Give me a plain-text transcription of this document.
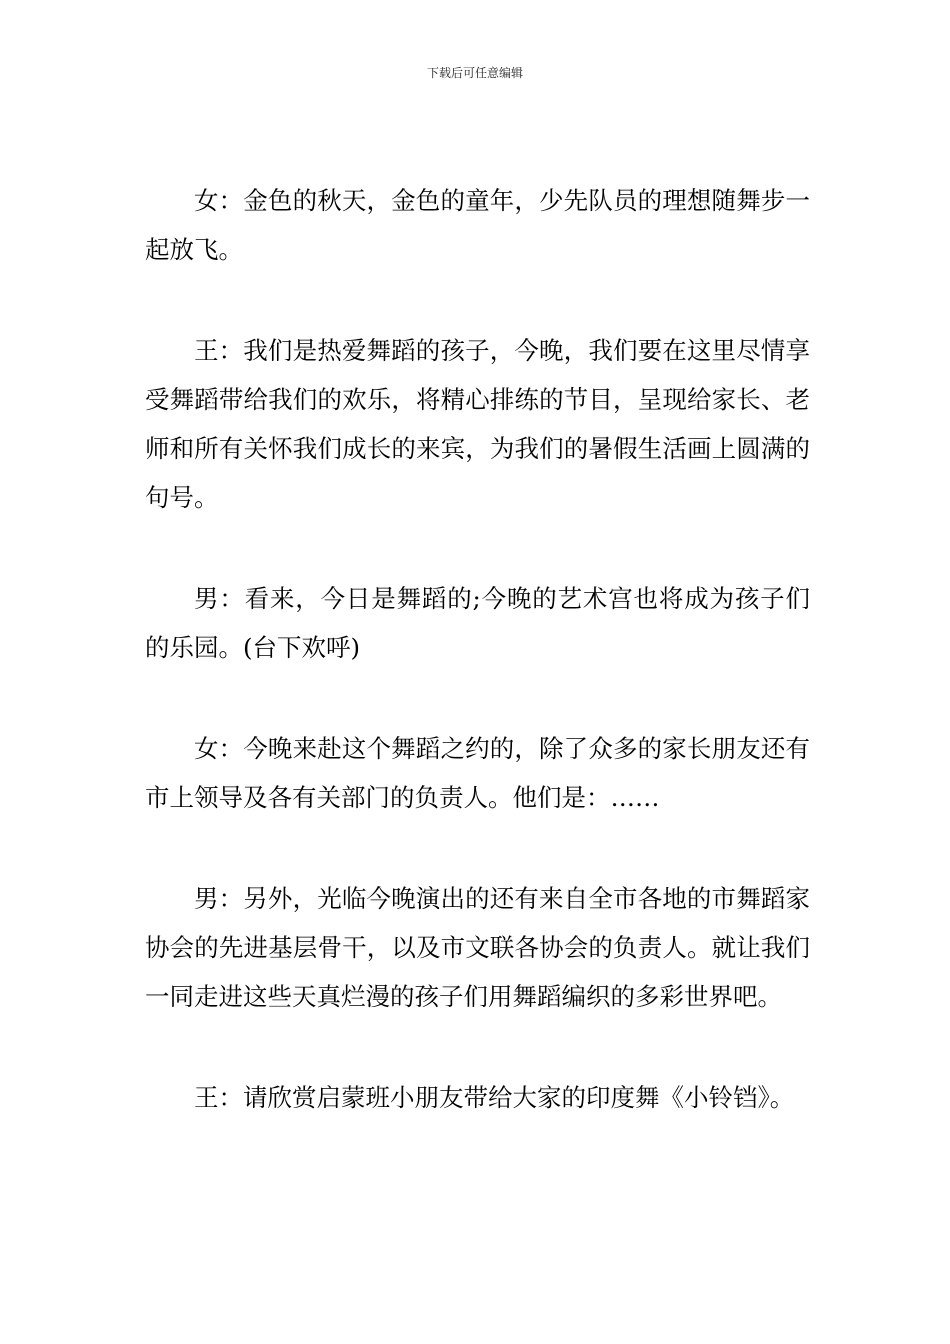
下载后可任意编辑

女：金色的秋天，金色的童年，少先队员的理想随舞步一起放飞。

王：我们是热爱舞蹈的孩子，今晚，我们要在这里尽情享受舞蹈带给我们的欢乐，将精心排练的节目，呈现给家长、老师和所有关怀我们成长的来宾，为我们的暑假生活画上圆满的句号。

男：看来，今日是舞蹈的;今晚的艺术宫也将成为孩子们的乐园。(台下欢呼)

女：今晚来赴这个舞蹈之约的，除了众多的家长朋友还有市上领导及各有关部门的负责人。他们是：……

男：另外，光临今晚演出的还有来自全市各地的市舞蹈家协会的先进基层骨干，以及市文联各协会的负责人。就让我们一同走进这些天真烂漫的孩子们用舞蹈编织的多彩世界吧。

王：请欣赏启蒙班小朋友带给大家的印度舞《小铃铛》。
